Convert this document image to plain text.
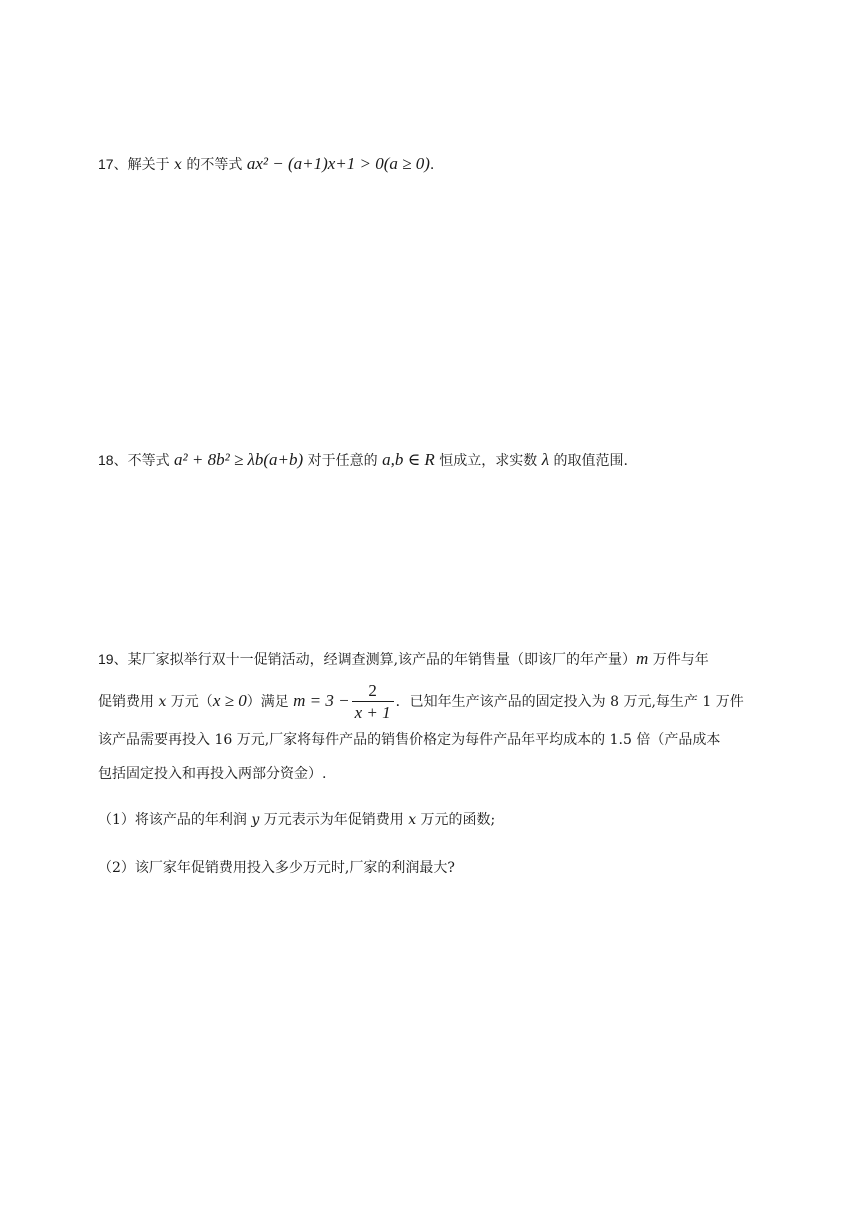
17、解关于 x 的不等式 ax² − (a+1)x+1 > 0(a ≥ 0).
18、不等式 a² + 8b² ≥ λb(a+b) 对于任意的 a,b ∈ R 恒成立，求实数 λ 的取值范围.
19、某厂家拟举行双十一促销活动，经调查测算,该产品的年销售量（即该厂的年产量）m 万件与年
促销费用 x 万元（x ≥ 0）满足 $m = 3 - \frac{2}{x + 1}$ ．已知年生产该产品的固定投入为 8 万元,每生产 1 万件
该产品需要再投入 16 万元,厂家将每件产品的销售价格定为每件产品年平均成本的 1.5 倍（产品成本
包括固定投入和再投入两部分资金）.
（1）将该产品的年利润 y 万元表示为年促销费用 x 万元的函数;
（2）该厂家年促销费用投入多少万元时,厂家的利润最大?
